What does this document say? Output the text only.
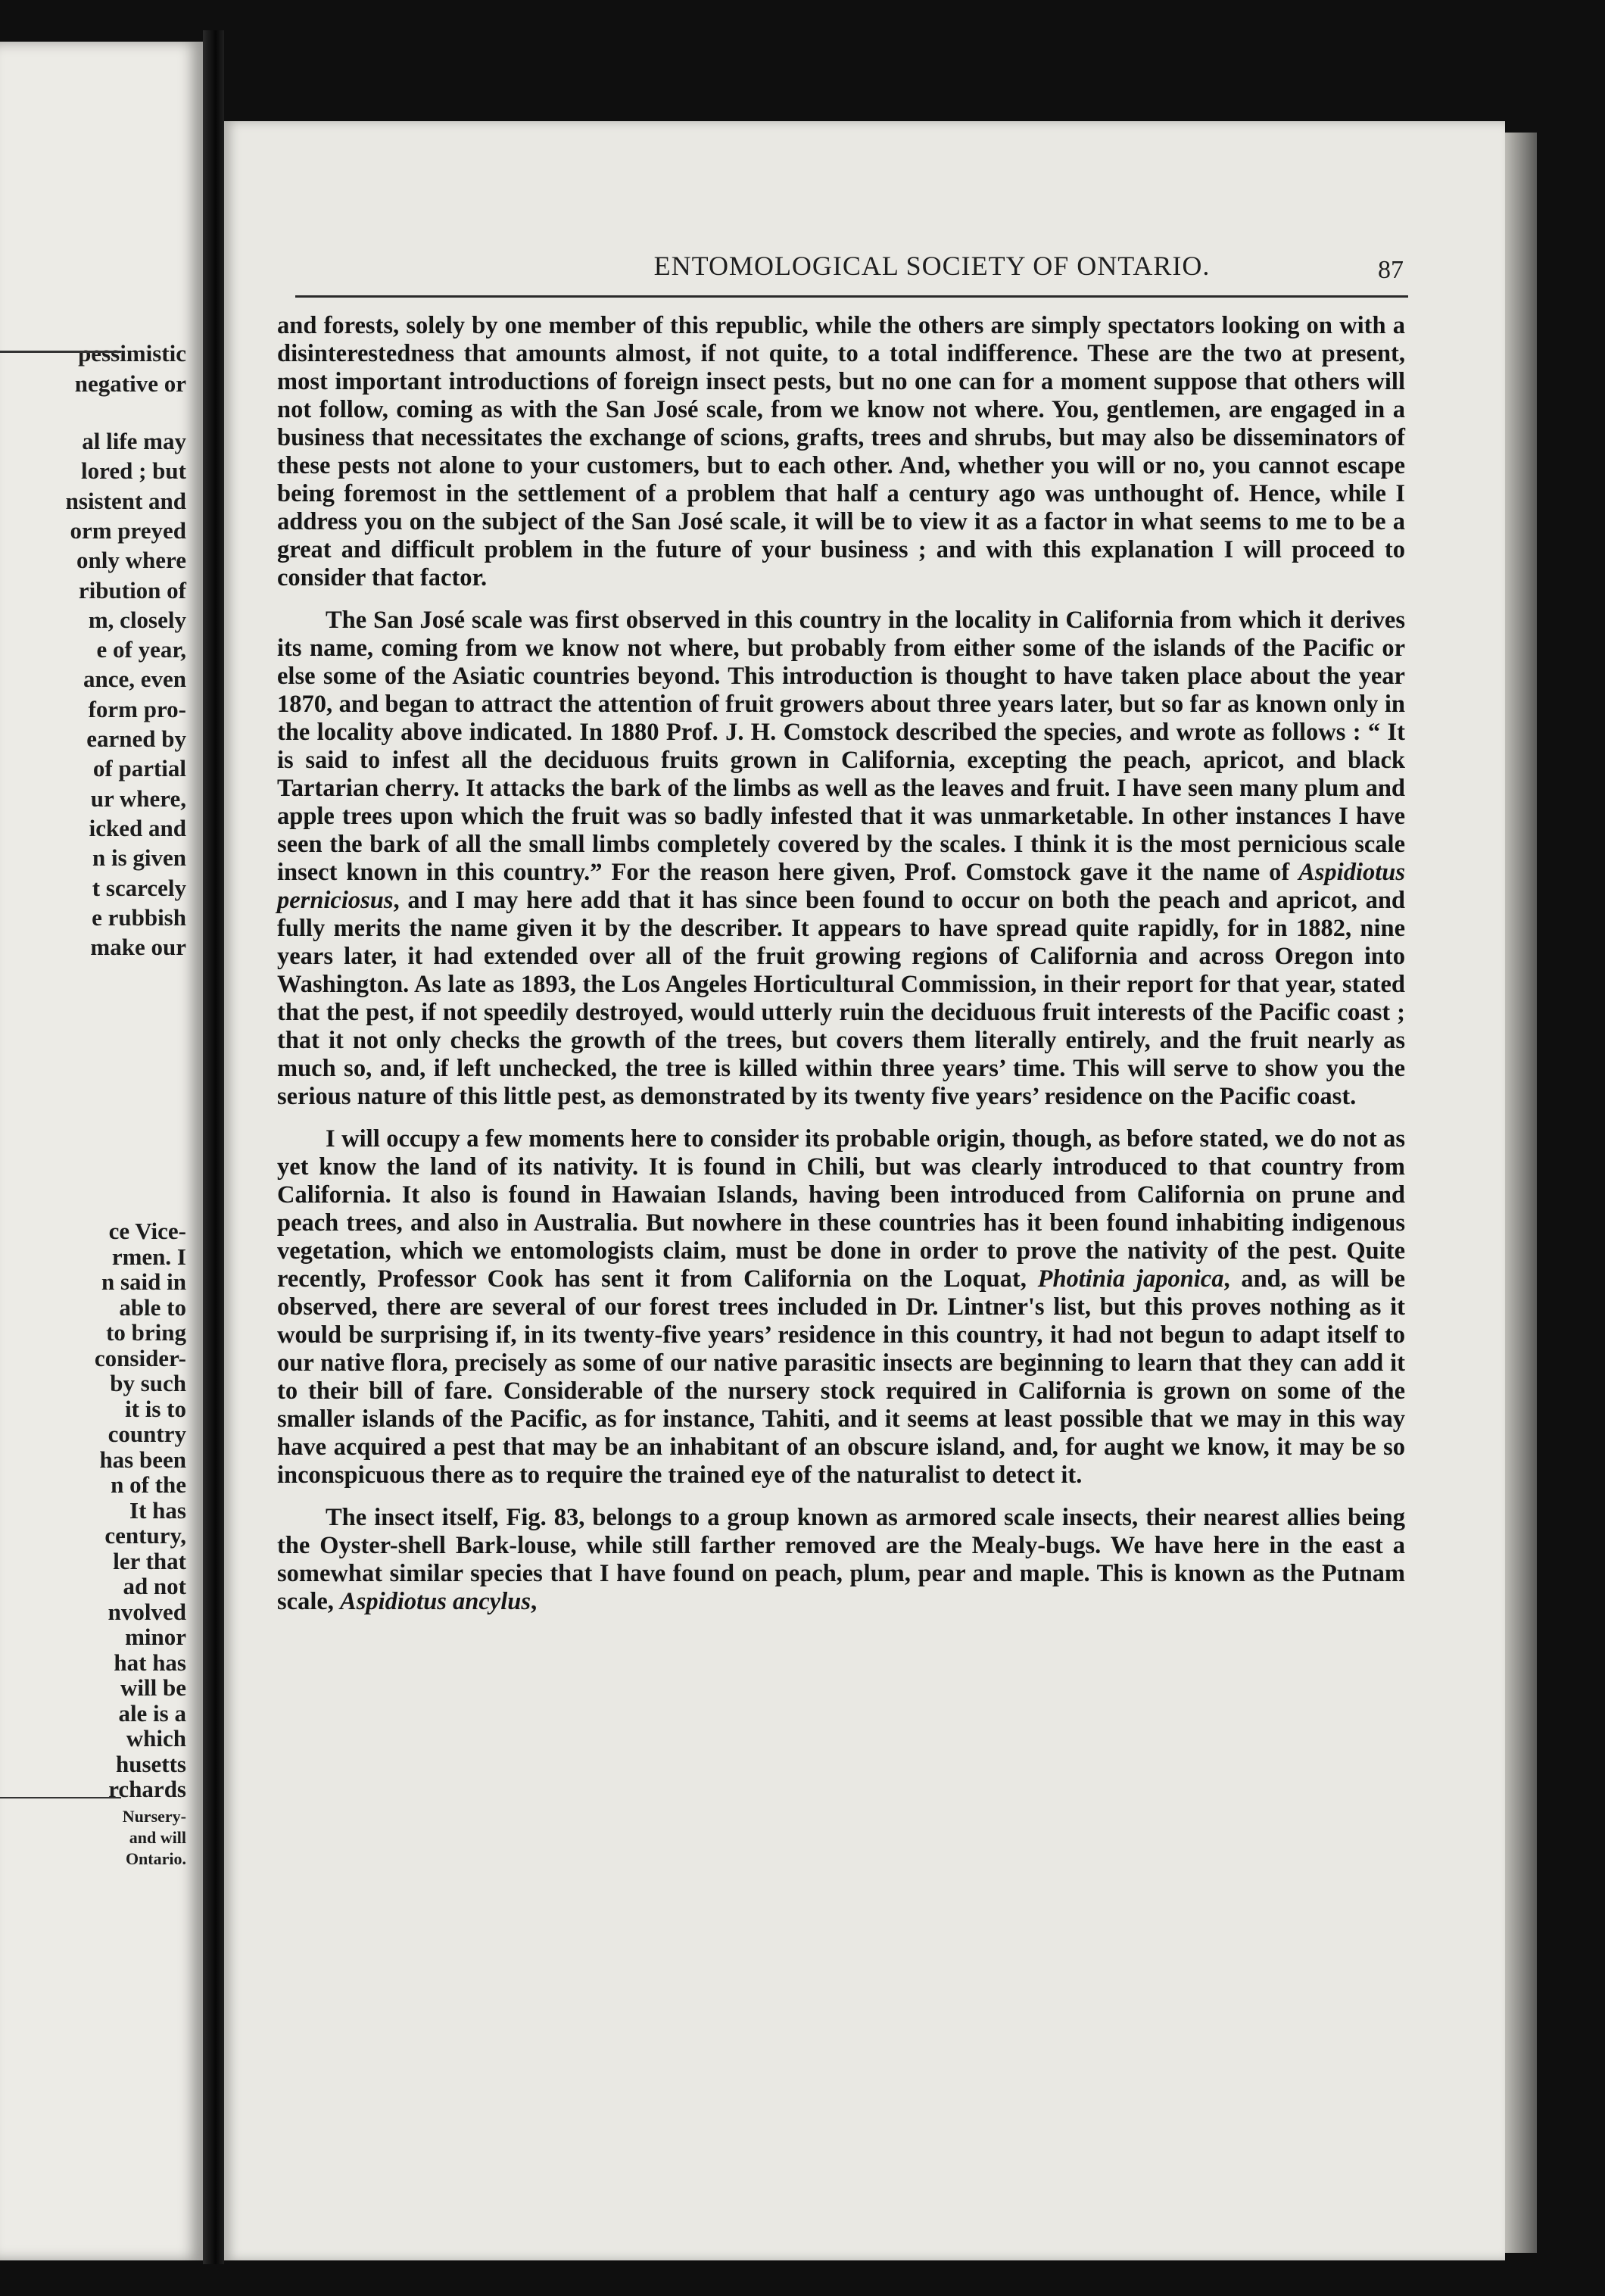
pessimistic
negative or
al life may
lored ; but
nsistent and
orm preyed
only where
ribution of
m, closely
e of year,
ance, even
form pro-
earned by
of partial
ur where,
icked and
n is given
t scarcely
e rubbish
make our
ce Vice-
rmen. I
n said in
able to
to bring
consider-
by such
it is to
country
has been
n of the
It has
century,
ler that
ad not
nvolved
minor
hat has
will be
ale is a
which
husetts
rchards
Nursery-
and will
Ontario.
ENTOMOLOGICAL SOCIETY OF ONTARIO.	87

and forests, solely by one member of this republic, while the others are simply spectators looking on with a disinterestedness that amounts almost, if not quite, to a total indifference. These are the two at present, most important introductions of foreign insect pests, but no one can for a moment suppose that others will not follow, coming as with the San José scale, from we know not where. You, gentlemen, are engaged in a business that necessitates the exchange of scions, grafts, trees and shrubs, but may also be disseminators of these pests not alone to your customers, but to each other. And, whether you will or no, you cannot escape being foremost in the settlement of a problem that half a century ago was unthought of. Hence, while I address you on the subject of the San José scale, it will be to view it as a factor in what seems to me to be a great and difficult problem in the future of your business ; and with this explanation I will proceed to consider that factor.

The San José scale was first observed in this country in the locality in California from which it derives its name, coming from we know not where, but probably from either some of the islands of the Pacific or else some of the Asiatic countries beyond. This introduction is thought to have taken place about the year 1870, and began to attract the attention of fruit growers about three years later, but so far as known only in the locality above indicated. In 1880 Prof. J. H. Comstock described the species, and wrote as follows : “ It is said to infest all the deciduous fruits grown in California, excepting the peach, apricot, and black Tartarian cherry. It attacks the bark of the limbs as well as the leaves and fruit. I have seen many plum and apple trees upon which the fruit was so badly infested that it was unmarketable. In other instances I have seen the bark of all the small limbs completely covered by the scales. I think it is the most pernicious scale insect known in this country.” For the reason here given, Prof. Comstock gave it the name of Aspidiotus perniciosus, and I may here add that it has since been found to occur on both the peach and apricot, and fully merits the name given it by the describer. It appears to have spread quite rapidly, for in 1882, nine years later, it had extended over all of the fruit growing regions of California and across Oregon into Washington. As late as 1893, the Los Angeles Horticultural Commission, in their report for that year, stated that the pest, if not speedily destroyed, would utterly ruin the deciduous fruit interests of the Pacific coast ; that it not only checks the growth of the trees, but covers them literally entirely, and the fruit nearly as much so, and, if left unchecked, the tree is killed within three years’ time. This will serve to show you the serious nature of this little pest, as demonstrated by its twenty five years’ residence on the Pacific coast.

I will occupy a few moments here to consider its probable origin, though, as before stated, we do not as yet know the land of its nativity. It is found in Chili, but was clearly introduced to that country from California. It also is found in Hawaian Islands, having been introduced from California on prune and peach trees, and also in Australia. But nowhere in these countries has it been found inhabiting indigenous vegetation, which we entomologists claim, must be done in order to prove the nativity of the pest. Quite recently, Professor Cook has sent it from California on the Loquat, Photinia japonica, and, as will be observed, there are several of our forest trees included in Dr. Lintner's list, but this proves nothing as it would be surprising if, in its twenty-five years’ residence in this country, it had not begun to adapt itself to our native flora, precisely as some of our native parasitic insects are beginning to learn that they can add it to their bill of fare. Considerable of the nursery stock required in California is grown on some of the smaller islands of the Pacific, as for instance, Tahiti, and it seems at least possible that we may in this way have acquired a pest that may be an inhabitant of an obscure island, and, for aught we know, it may be so inconspicuous there as to require the trained eye of the naturalist to detect it.

The insect itself, Fig. 83, belongs to a group known as armored scale insects, their nearest allies being the Oyster-shell Bark-louse, while still farther removed are the Mealy-bugs. We have here in the east a somewhat similar species that I have found on peach, plum, pear and maple. This is known as the Putnam scale, Aspidiotus ancylus,
